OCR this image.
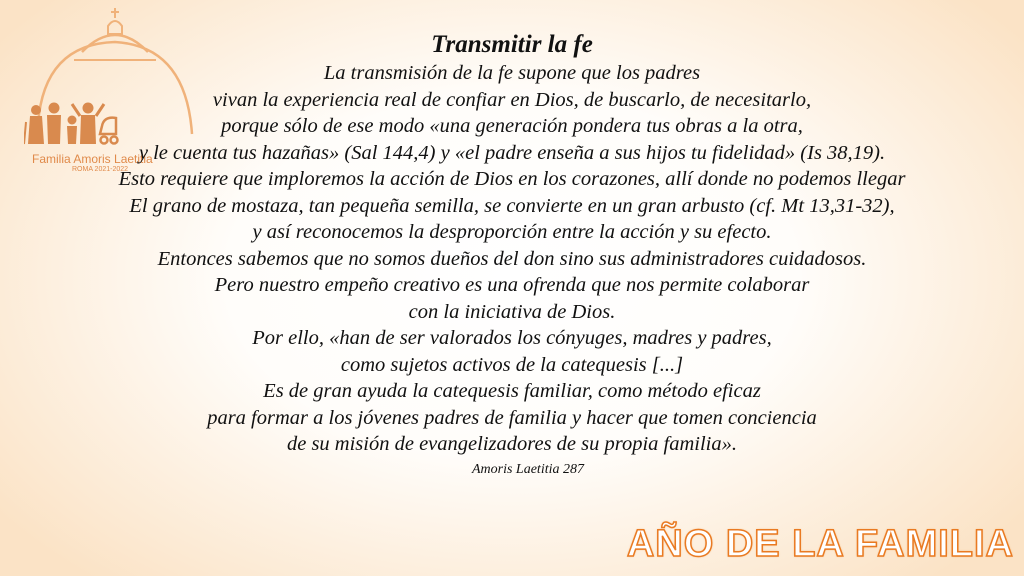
Familia Amoris Laetitia
ROMA 2021-2022
Transmitir la fe
La transmisión de la fe supone que los padres
vivan la experiencia real de confiar en Dios, de buscarlo, de necesitarlo,
porque sólo de ese modo «una generación pondera tus obras a la otra,
y le cuenta tus hazañas» (Sal 144,4) y «el padre enseña a sus hijos tu fidelidad» (Is 38,19).
Esto requiere que imploremos la acción de Dios en los corazones, allí donde no podemos llegar
El grano de mostaza, tan pequeña semilla, se convierte en un gran arbusto (cf. Mt 13,31-32),
y así reconocemos la desproporción entre la acción y su efecto.
Entonces sabemos que no somos dueños del don sino sus administradores cuidadosos.
Pero nuestro empeño creativo es una ofrenda que nos permite colaborar
con la iniciativa de Dios.
Por ello, «han de ser valorados los cónyuges, madres y padres,
como sujetos activos de la catequesis [...]
Es de gran ayuda la catequesis familiar, como método eficaz
para formar a los jóvenes padres de familia y hacer que tomen conciencia
de su misión de evangelizadores de su propia familia».
Amoris Laetitia 287
AÑO DE LA FAMILIA
